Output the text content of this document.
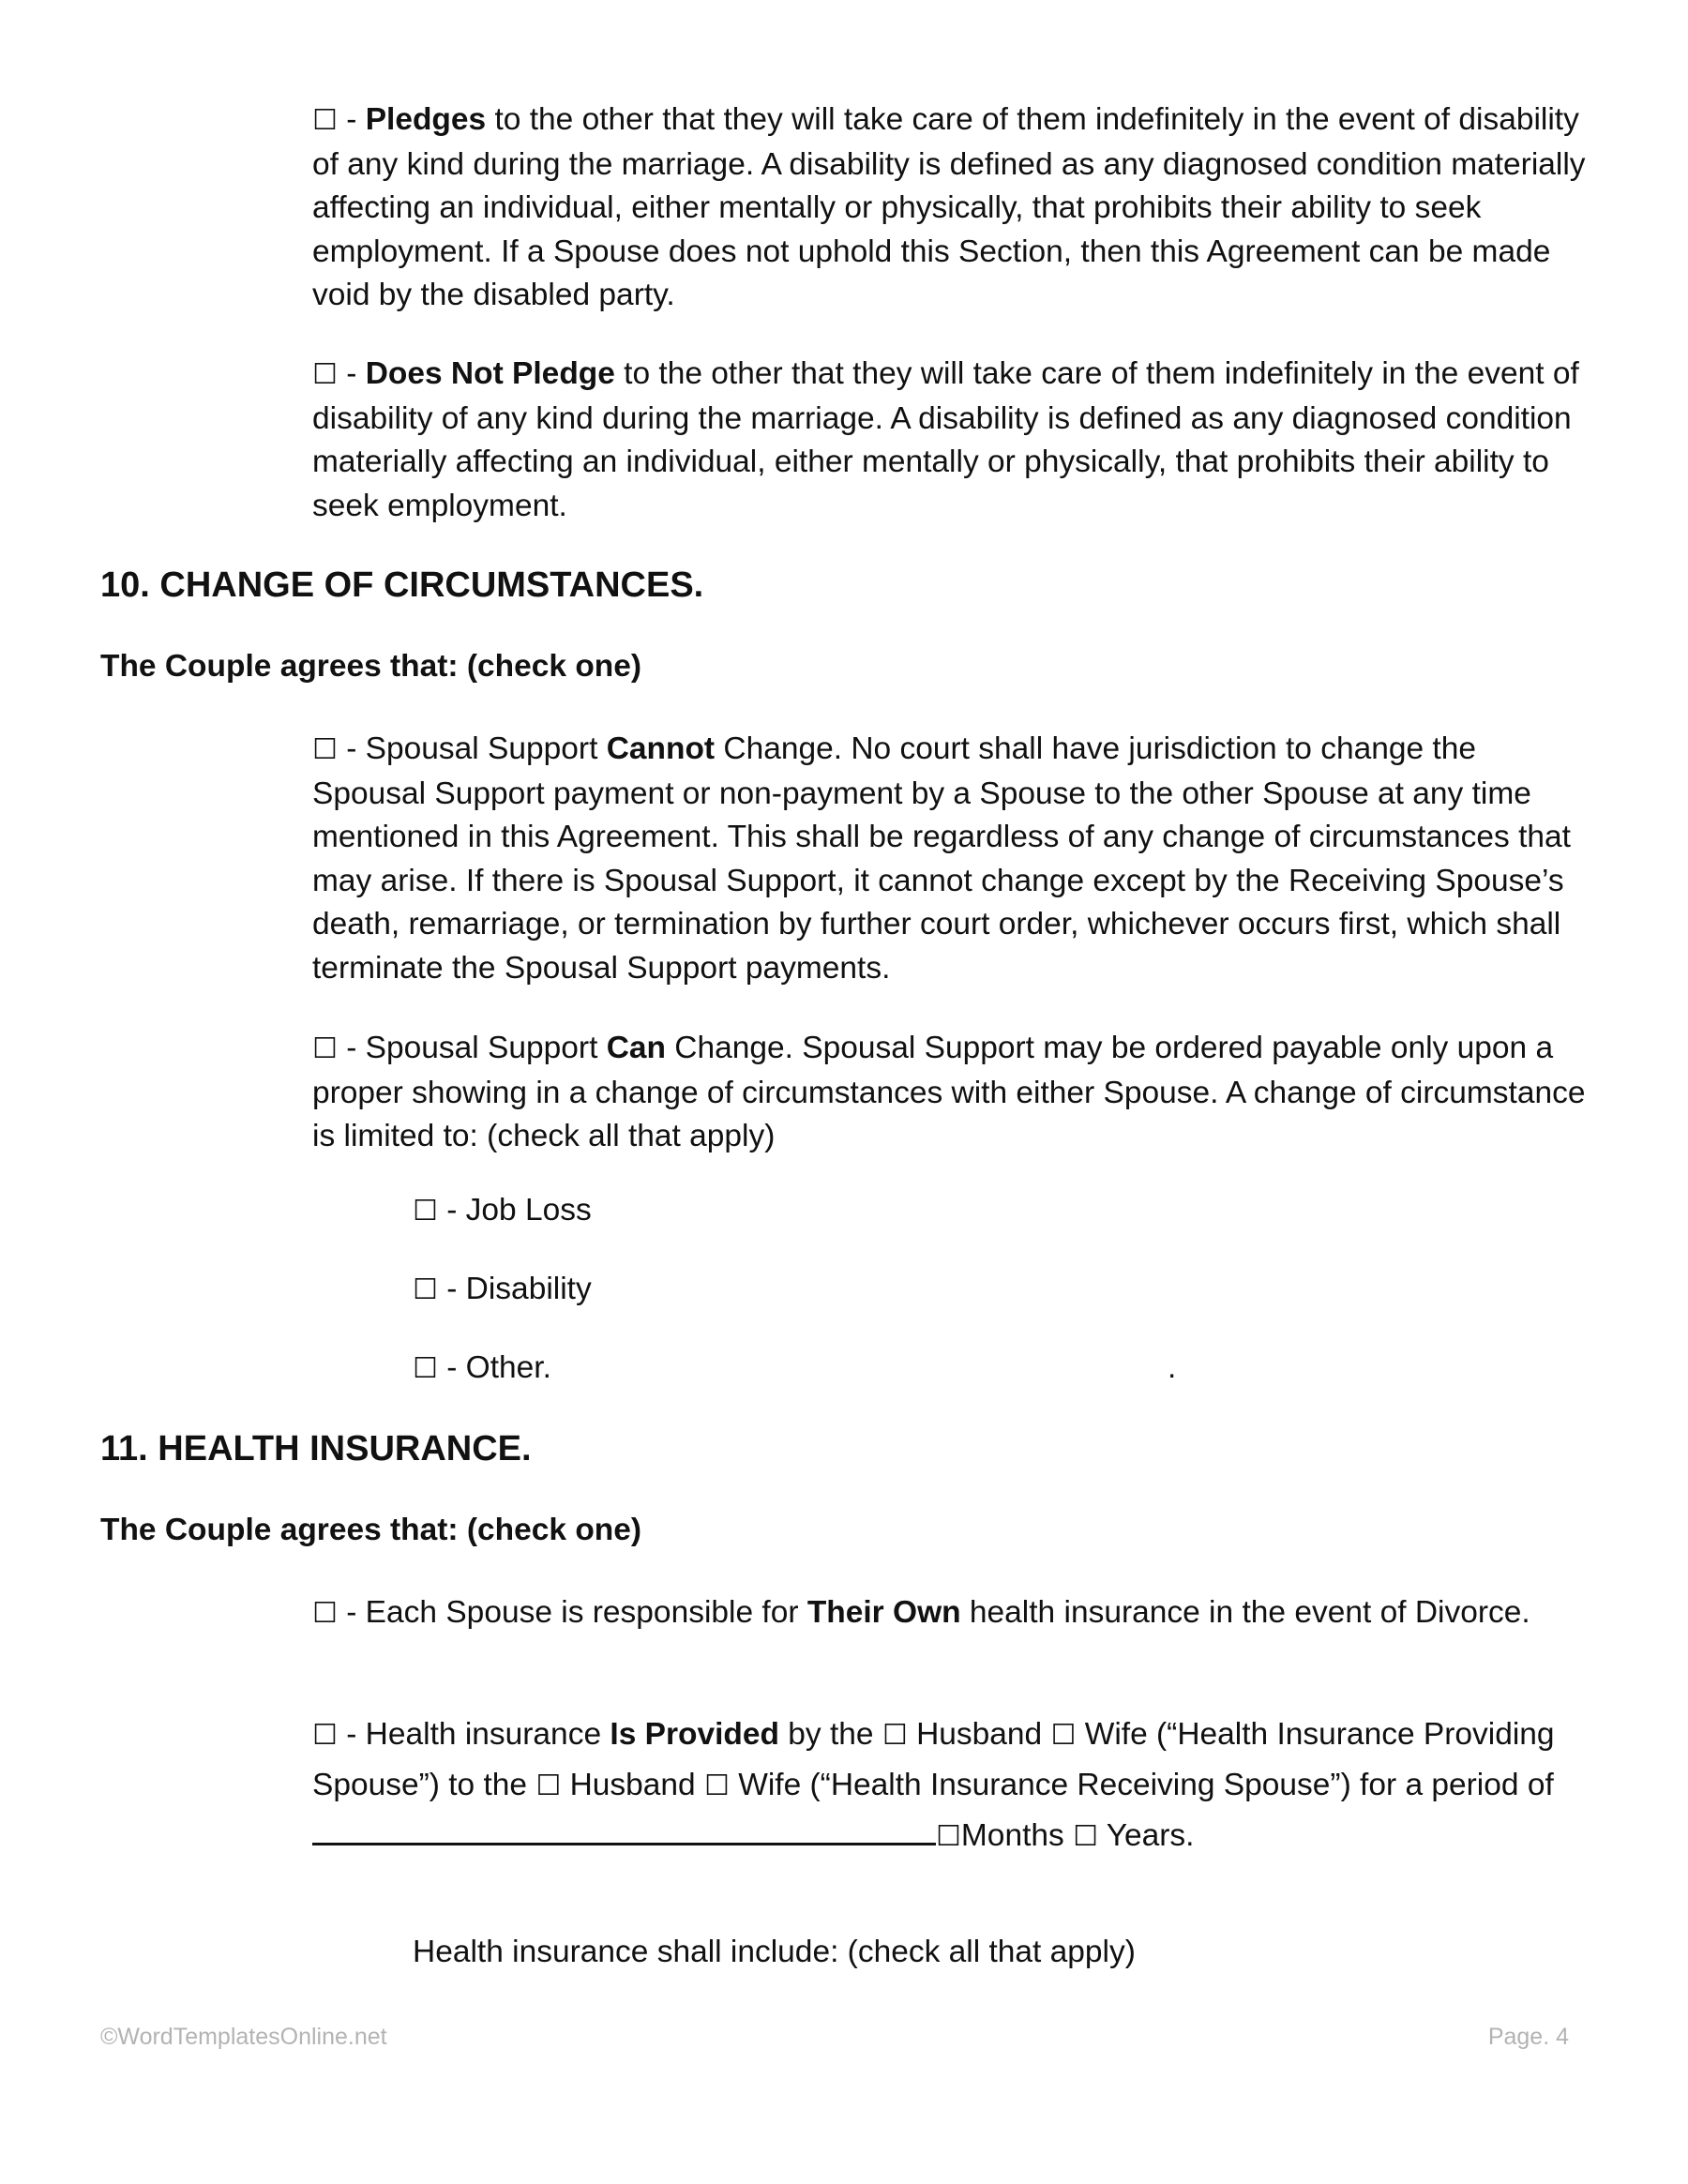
☐ - Pledges to the other that they will take care of them indefinitely in the event of disability of any kind during the marriage. A disability is defined as any diagnosed condition materially affecting an individual, either mentally or physically, that prohibits their ability to seek employment. If a Spouse does not uphold this Section, then this Agreement can be made void by the disabled party.

☐ - Does Not Pledge to the other that they will take care of them indefinitely in the event of disability of any kind during the marriage. A disability is defined as any diagnosed condition materially affecting an individual, either mentally or physically, that prohibits their ability to seek employment.

10. CHANGE OF CIRCUMSTANCES.

The Couple agrees that: (check one)

☐ - Spousal Support Cannot Change. No court shall have jurisdiction to change the Spousal Support payment or non-payment by a Spouse to the other Spouse at any time mentioned in this Agreement. This shall be regardless of any change of circumstances that may arise. If there is Spousal Support, it cannot change except by the Receiving Spouse’s death, remarriage, or termination by further court order, whichever occurs first, which shall terminate the Spousal Support payments.

☐ - Spousal Support Can Change. Spousal Support may be ordered payable only upon a proper showing in a change of circumstances with either Spouse. A change of circumstance is limited to: (check all that apply)

☐ - Job Loss

☐ - Disability

☐ - Other.	.

11. HEALTH INSURANCE.

The Couple agrees that: (check one)

☐ - Each Spouse is responsible for Their Own health insurance in the event of Divorce.

☐ - Health insurance Is Provided by the ☐ Husband ☐ Wife (“Health Insurance Providing Spouse”) to the ☐ Husband ☐ Wife (“Health Insurance Receiving Spouse”) for a period of ☐Months ☐ Years.

Health insurance shall include: (check all that apply)

©WordTemplatesOnline.net	Page. 4
